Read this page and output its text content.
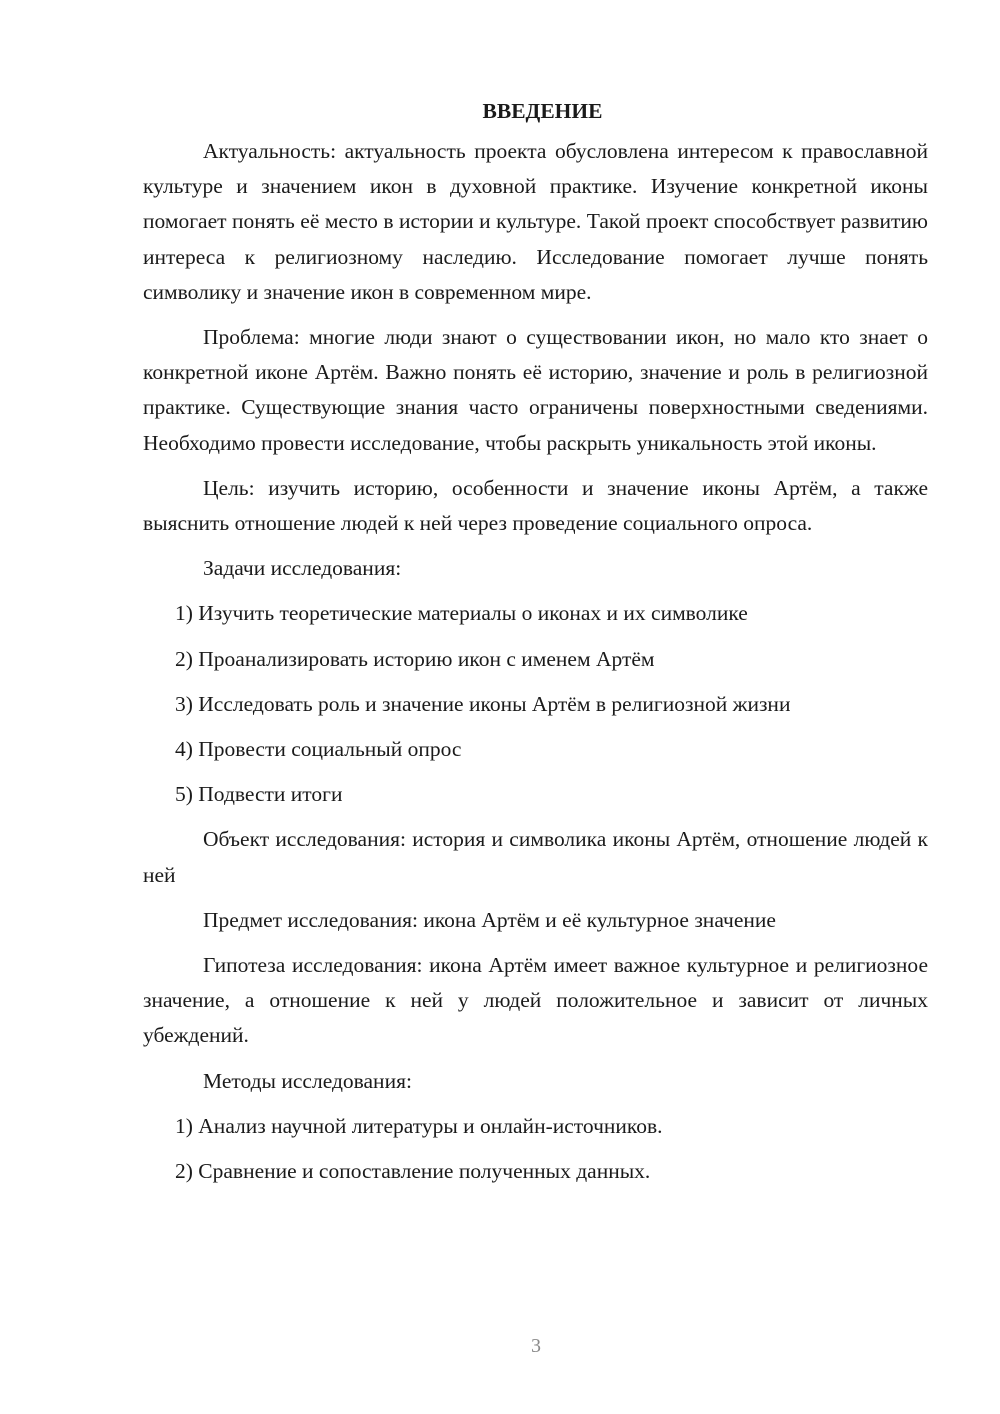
ВВЕДЕНИЕ

Актуальность: актуальность проекта обусловлена интересом к православной культуре и значением икон в духовной практике. Изучение конкретной иконы помогает понять её место в истории и культуре. Такой проект способствует развитию интереса к религиозному наследию. Исследование помогает лучше понять символику и значение икон в современном мире.

Проблема: многие люди знают о существовании икон, но мало кто знает о конкретной иконе Артём. Важно понять её историю, значение и роль в религиозной практике. Существующие знания часто ограничены поверхностными сведениями. Необходимо провести исследование, чтобы раскрыть уникальность этой иконы.

Цель: изучить историю, особенности и значение иконы Артём, а также выяснить отношение людей к ней через проведение социального опроса.

Задачи исследования:

1) Изучить теоретические материалы о иконах и их символике

2) Проанализировать историю икон с именем Артём

3) Исследовать роль и значение иконы Артём в религиозной жизни

4) Провести социальный опрос

5) Подвести итоги

Объект исследования: история и символика иконы Артём, отношение людей к ней

Предмет исследования: икона Артём и её культурное значение

Гипотеза исследования: икона Артём имеет важное культурное и религиозное значение, а отношение к ней у людей положительное и зависит от личных убеждений.

Методы исследования:

1) Анализ научной литературы и онлайн-источников.

2) Сравнение и сопоставление полученных данных.

3
